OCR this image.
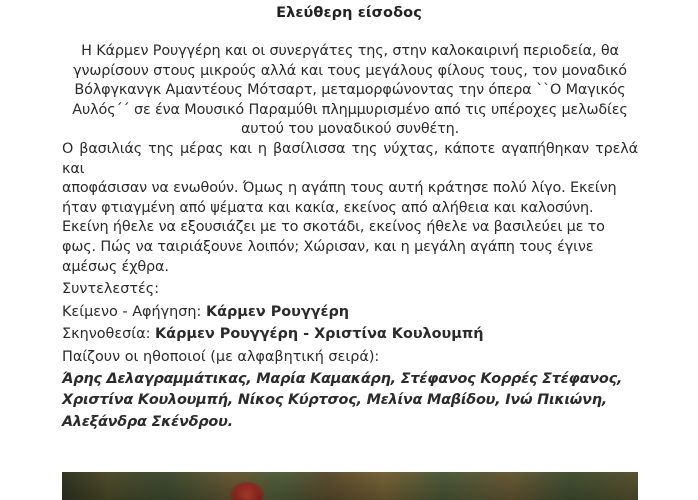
Ελεύθερη είσοδος
Η Κάρμεν Ρουγγέρη και οι συνεργάτες της, στην καλοκαιρινή περιοδεία, θα
γνωρίσουν στους μικρούς αλλά και τους μεγάλους φίλους τους, τον μοναδικό
Βόλφγκανγκ Αμαντέους Μότσαρτ, μεταμορφώνοντας την όπερα ``Ο Μαγικός
Αυλός΄΄ σε ένα Μουσικό Παραμύθι πλημμυρισμένο από τις υπέροχες μελωδίες
αυτού του μοναδικού συνθέτη.
Ο βασιλιάς της μέρας και η βασίλισσα της νύχτας, κάποτε αγαπήθηκαν τρελά και
αποφάσισαν να ενωθούν. Όμως η αγάπη τους αυτή κράτησε πολύ λίγο. Εκείνη
ήταν φτιαγμένη από ψέματα και κακία, εκείνος από αλήθεια και καλοσύνη.
Εκείνη ήθελε να εξουσιάζει με το σκοτάδι, εκείνος ήθελε να βασιλεύει με το
φως. Πώς να ταιριάξουνε λοιπόν; Χώρισαν, και η μεγάλη αγάπη τους έγινε
αμέσως έχθρα.
Συντελεστές:
Κείμενο - Αφήγηση: Κάρμεν Ρουγγέρη
Σκηνοθεσία: Κάρμεν Ρουγγέρη - Χριστίνα Κουλουμπή
Παίζουν οι ηθοποιοί (με αλφαβητική σειρά):
Άρης Δελαγραμμάτικας, Μαρία Καμακάρη, Στέφανος Κορρές Στέφανος,
Χριστίνα Κουλουμπή, Νίκος Κύρτσος, Μελίνα Μαβίδου, Ινώ Πικιώνη,
Αλεξάνδρα Σκένδρου.
